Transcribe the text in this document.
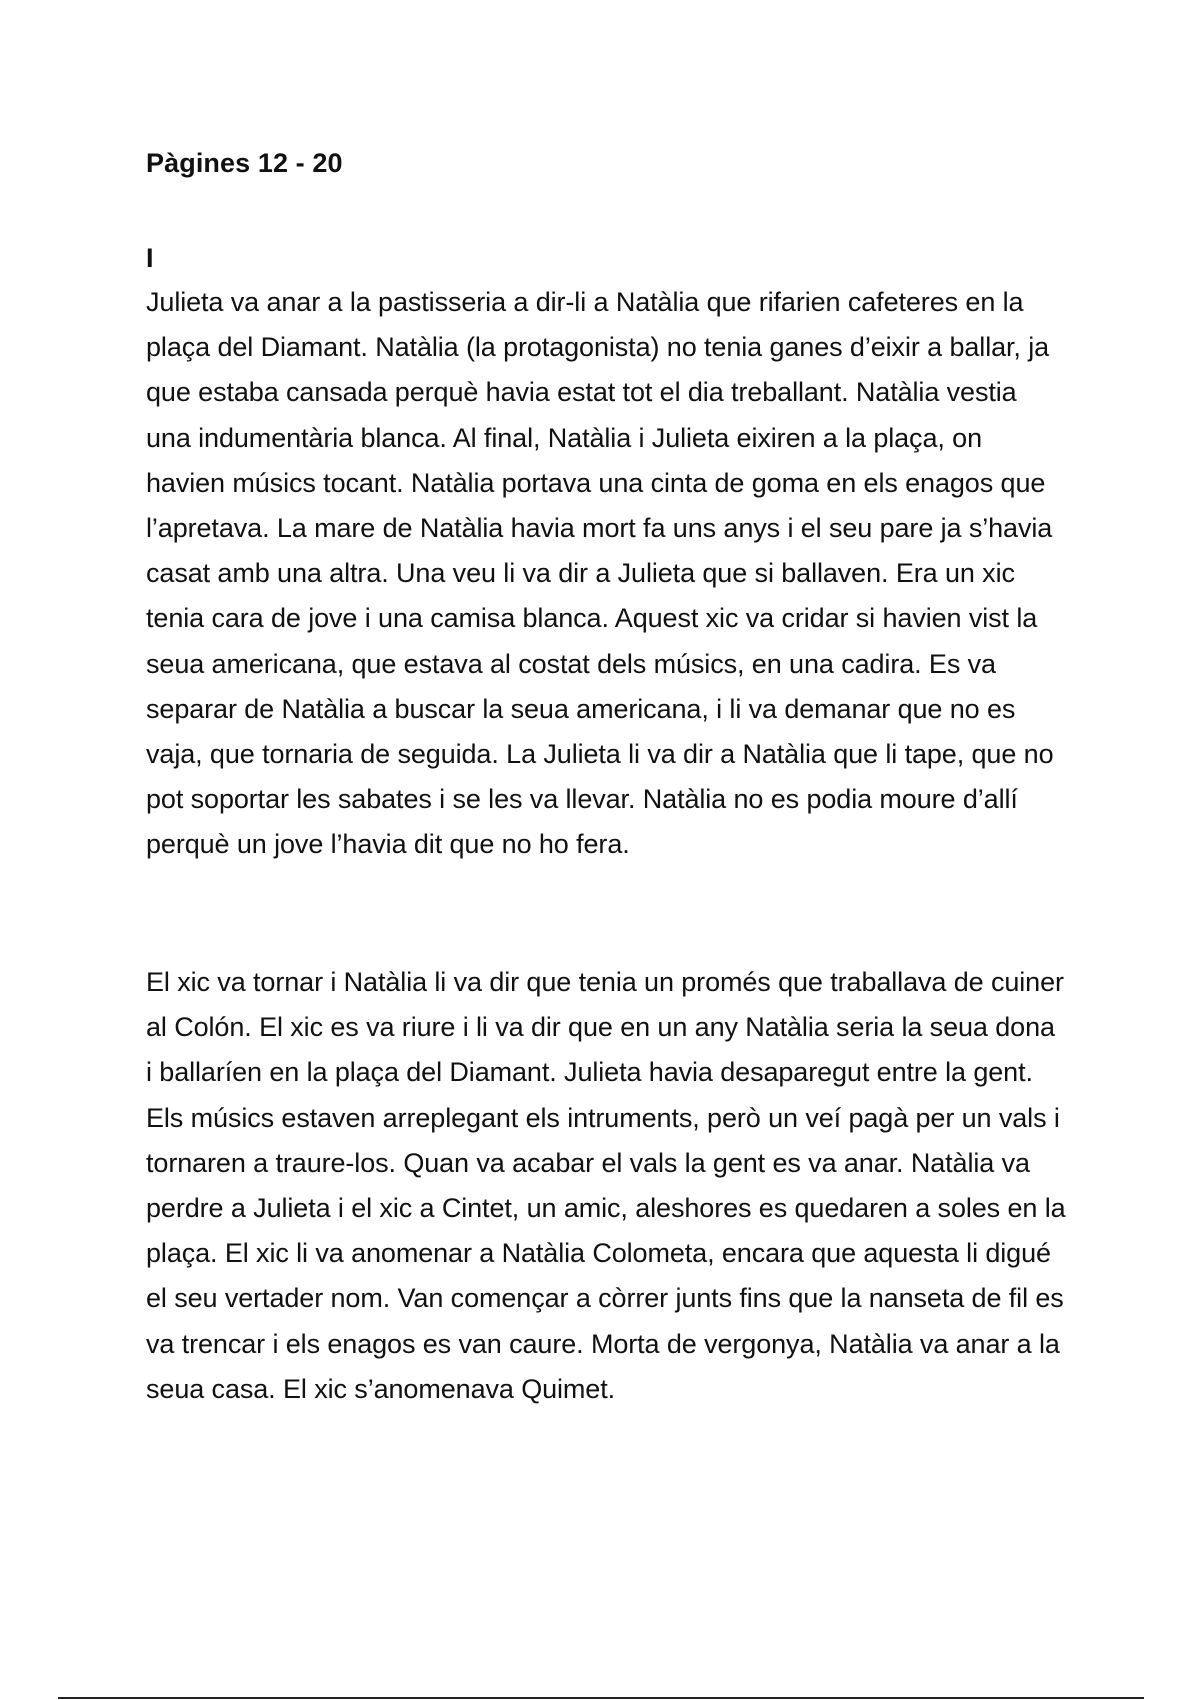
Pàgines 12 - 20
I

Julieta va anar a la pastisseria a dir-li a Natàlia que rifarien cafeteres en la plaça del Diamant. Natàlia (la protagonista) no tenia ganes d’eixir a ballar, ja que estaba cansada perquè havia estat tot el dia treballant. Natàlia vestia una indumentària blanca. Al final, Natàlia i Julieta eixiren a la plaça, on havien músics tocant. Natàlia portava una cinta de goma en els enagos que l’apretava. La mare de Natàlia havia mort fa uns anys i el seu pare ja s’havia casat amb una altra. Una veu li va dir a Julieta que si ballaven. Era un xic tenia cara de jove i una camisa blanca. Aquest xic va cridar si havien vist la seua americana, que estava al costat dels músics, en una cadira. Es va separar de Natàlia a buscar la seua americana, i li va demanar que no es vaja, que tornaria de seguida. La Julieta li va dir a Natàlia que li tape, que no pot soportar les sabates i se les va llevar. Natàlia no es podia moure d’allí perquè un jove l’havia dit que no ho fera.

El xic va tornar i Natàlia li va dir que tenia un promés que traballava de cuiner al Colón. El xic es va riure i li va dir que en un any Natàlia seria la seua dona i ballaríen en la plaça del Diamant. Julieta havia desaparegut entre la gent. Els músics estaven arreplegant els intruments, però un veí pagà per un vals i tornaren a traure-los. Quan va acabar el vals la gent es va anar. Natàlia va perdre a Julieta i el xic a Cintet, un amic, aleshores es quedaren a soles en la plaça. El xic li va anomenar a Natàlia Colometa, encara que aquesta li digué el seu vertader nom. Van començar a còrrer junts fins que la nanseta de fil es va trencar i els enagos es van caure. Morta de vergonya, Natàlia va anar a la seua casa. El xic s’anomenava Quimet.
